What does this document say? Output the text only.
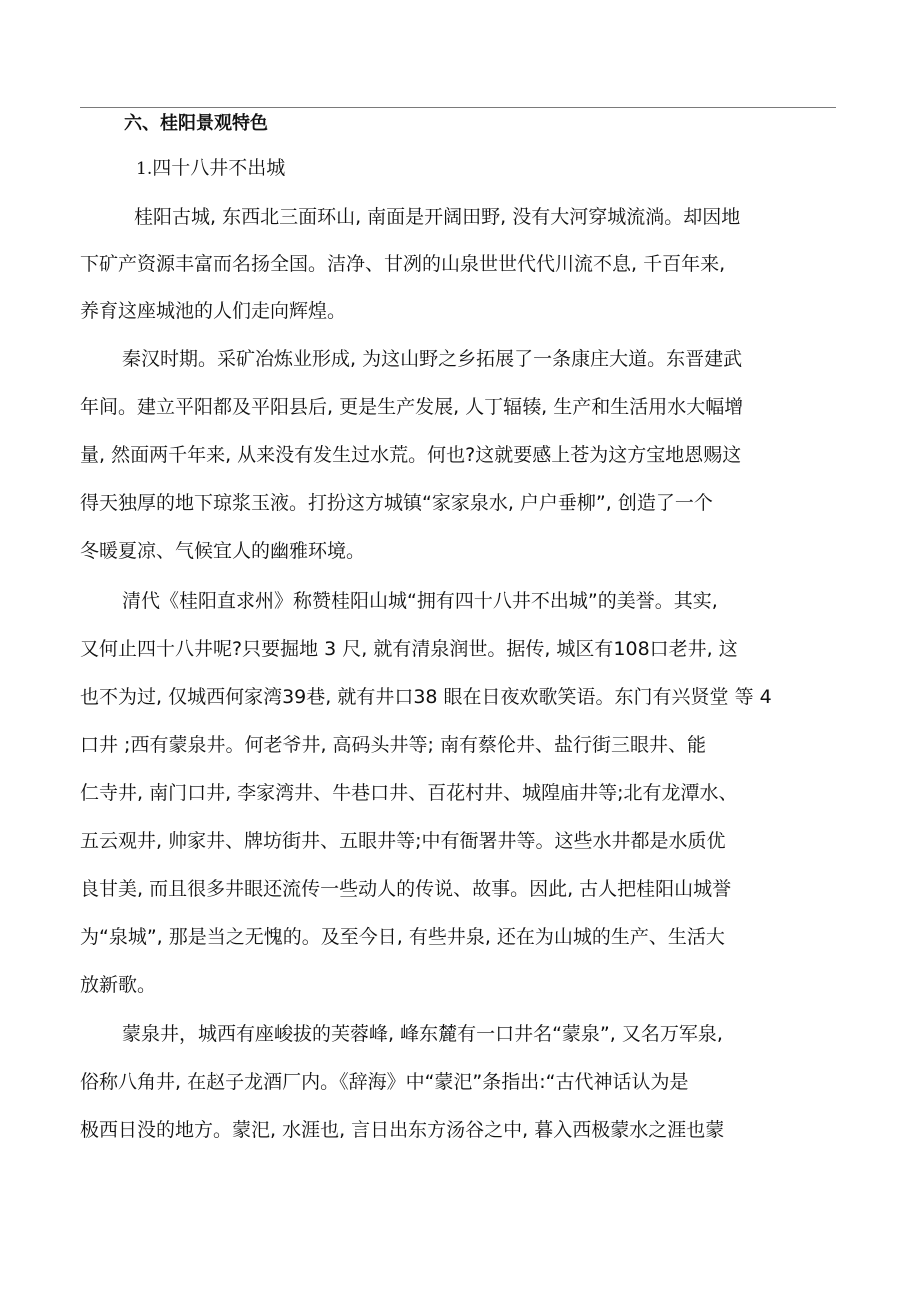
六、桂阳景观特色
1.四十八井不出城
桂阳古城, 东西北三面环山, 南面是开阔田野, 没有大河穿城流淌。却因地
下矿产资源丰富而名扬全国。洁净、甘冽的山泉世世代代川流不息, 千百年来,
养育这座城池的人们走向辉煌。
秦汉时期。采矿冶炼业形成, 为这山野之乡拓展了一条康庄大道。东晋建武
年间。建立平阳都及平阳县后, 更是生产发展, 人丁辐辏, 生产和生活用水大幅增
量, 然面两千年来, 从来没有发生过水荒。何也?这就要感上苍为这方宝地恩赐这
得天独厚的地下琼浆玉液。打扮这方城镇“家家泉水, 户户垂柳”, 创造了一个
冬暖夏凉、气候宜人的幽雅环境。
清代《桂阳直求州》称赞桂阳山城“拥有四十八井不出城”的美誉。其实,
又何止四十八井呢?只要掘地 3 尺, 就有清泉润世。据传, 城区有108口老井, 这
也不为过, 仅城西何家湾39巷, 就有井口38 眼在日夜欢歌笑语。东门有兴贤堂 等 4
口井 ;西有蒙泉井。何老爷井, 高码头井等; 南有蔡伦井、盐行街三眼井、能
仁寺井, 南门口井, 李家湾井、牛巷口井、百花村井、城隍庙井等;北有龙潭水、
五云观井, 帅家井、牌坊街井、五眼井等;中有衙署井等。这些水井都是水质优
良甘美, 而且很多井眼还流传一些动人的传说、故事。因此, 古人把桂阳山城誉
为“泉城”, 那是当之无愧的。及至今日, 有些井泉, 还在为山城的生产、生活大
放新歌。
蒙泉井，城西有座峻拔的芙蓉峰, 峰东麓有一口井名“蒙泉”, 又名万军泉,
俗称八角井, 在赵子龙酒厂内。《辞海》中“蒙汜”条指出:“古代神话认为是
极西日没的地方。蒙汜, 水涯也, 言日出东方汤谷之中, 暮入西极蒙水之涯也蒙
